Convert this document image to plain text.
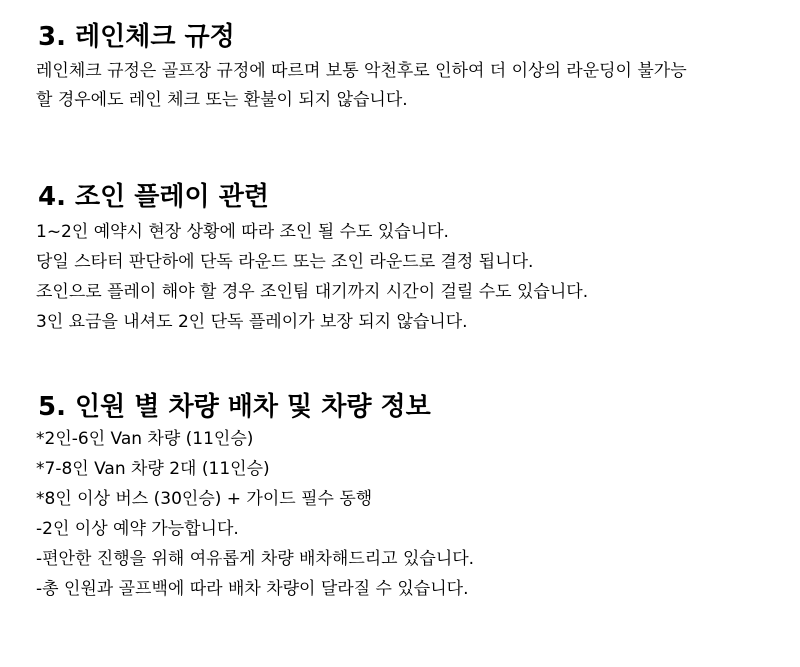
3. 레인체크 규정

레인체크 규정은 골프장 규정에 따르며 보통 악천후로 인하여 더 이상의 라운딩이 불가능

할 경우에도 레인 체크 또는 환불이 되지 않습니다.

4. 조인 플레이 관련

1~2인 예약시 현장 상황에 따라 조인 될 수도 있습니다.

당일 스타터 판단하에 단독 라운드 또는 조인 라운드로 결정 됩니다.

조인으로 플레이 해야 할 경우 조인팀 대기까지 시간이 걸릴 수도 있습니다.

3인 요금을 내셔도 2인 단독 플레이가 보장 되지 않습니다.

5. 인원 별 차량 배차 및 차량 정보

*2인-6인 Van 차량 (11인승)

*7-8인 Van 차량 2대 (11인승)

*8인 이상 버스 (30인승) + 가이드 필수 동행

-2인 이상 예약 가능합니다.

-편안한 진행을 위해 여유롭게 차량 배차해드리고 있습니다.

-총 인원과 골프백에 따라 배차 차량이 달라질 수 있습니다.
